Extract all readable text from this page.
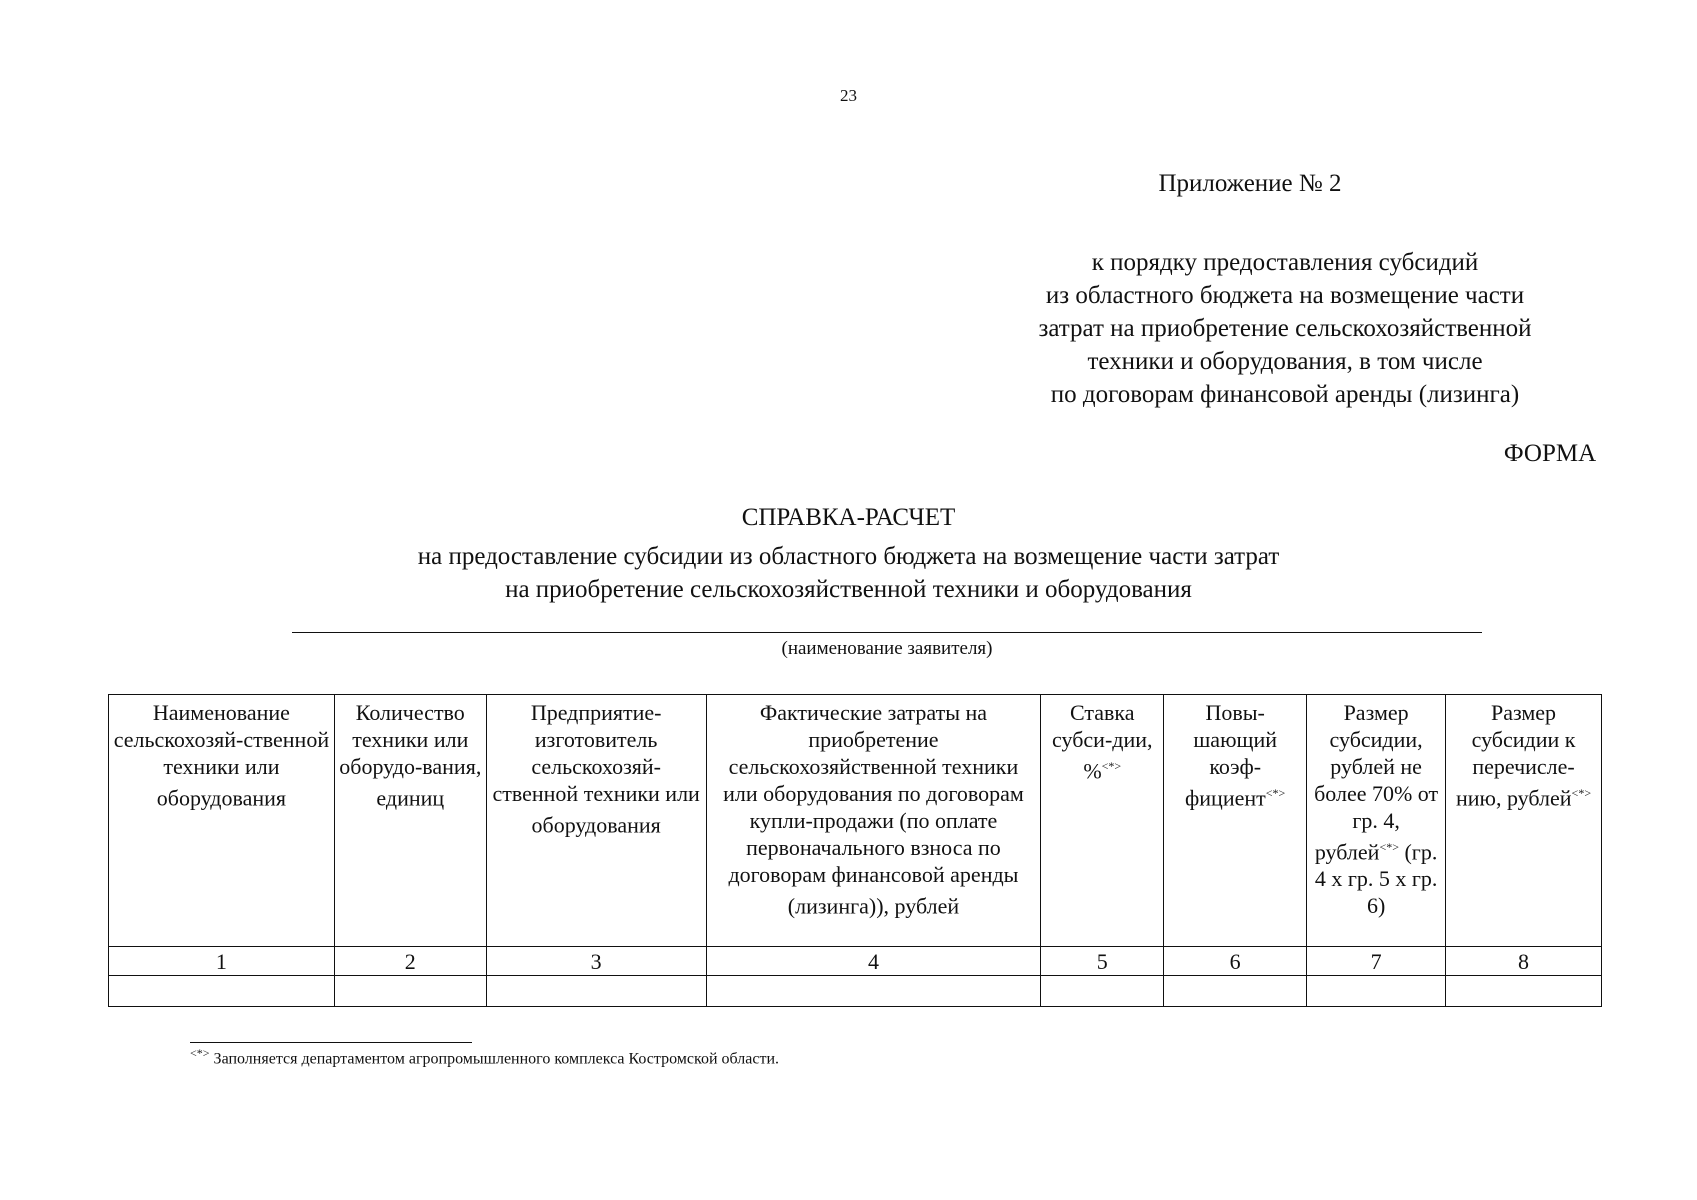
23
Приложение № 2
к порядку предоставления субсидий
из областного бюджета на возмещение части
затрат на приобретение сельскохозяйственной
техники и оборудования, в том числе
по договорам финансовой аренды (лизинга)
ФОРМА
СПРАВКА-РАСЧЕТ
на предоставление субсидии из областного бюджета на возмещение части затрат
на приобретение сельскохозяйственной техники и оборудования
(наименование заявителя)
Наименование сельскохозяй-ственной техники или оборудования	Количество техники или оборудо-вания, единиц	Предприятие-изготовитель сельскохозяй-ственной техники или оборудования	Фактические затраты на приобретение сельскохозяйственной техники или оборудования по договорам купли-продажи (по оплате первоначального взноса по договорам финансовой аренды (лизинга)), рублей	Ставка субси-дии, %<*>	Повы-шающий коэф-фициент<*>	Размер субсидии, рублей не более 70% от гр. 4, рублей<*> (гр. 4 х гр. 5 х гр. 6)	Размер субсидии к перечисле-нию, рублей<*>
1	2	3	4	5	6	7	8

<*> Заполняется департаментом агропромышленного комплекса Костромской области.
